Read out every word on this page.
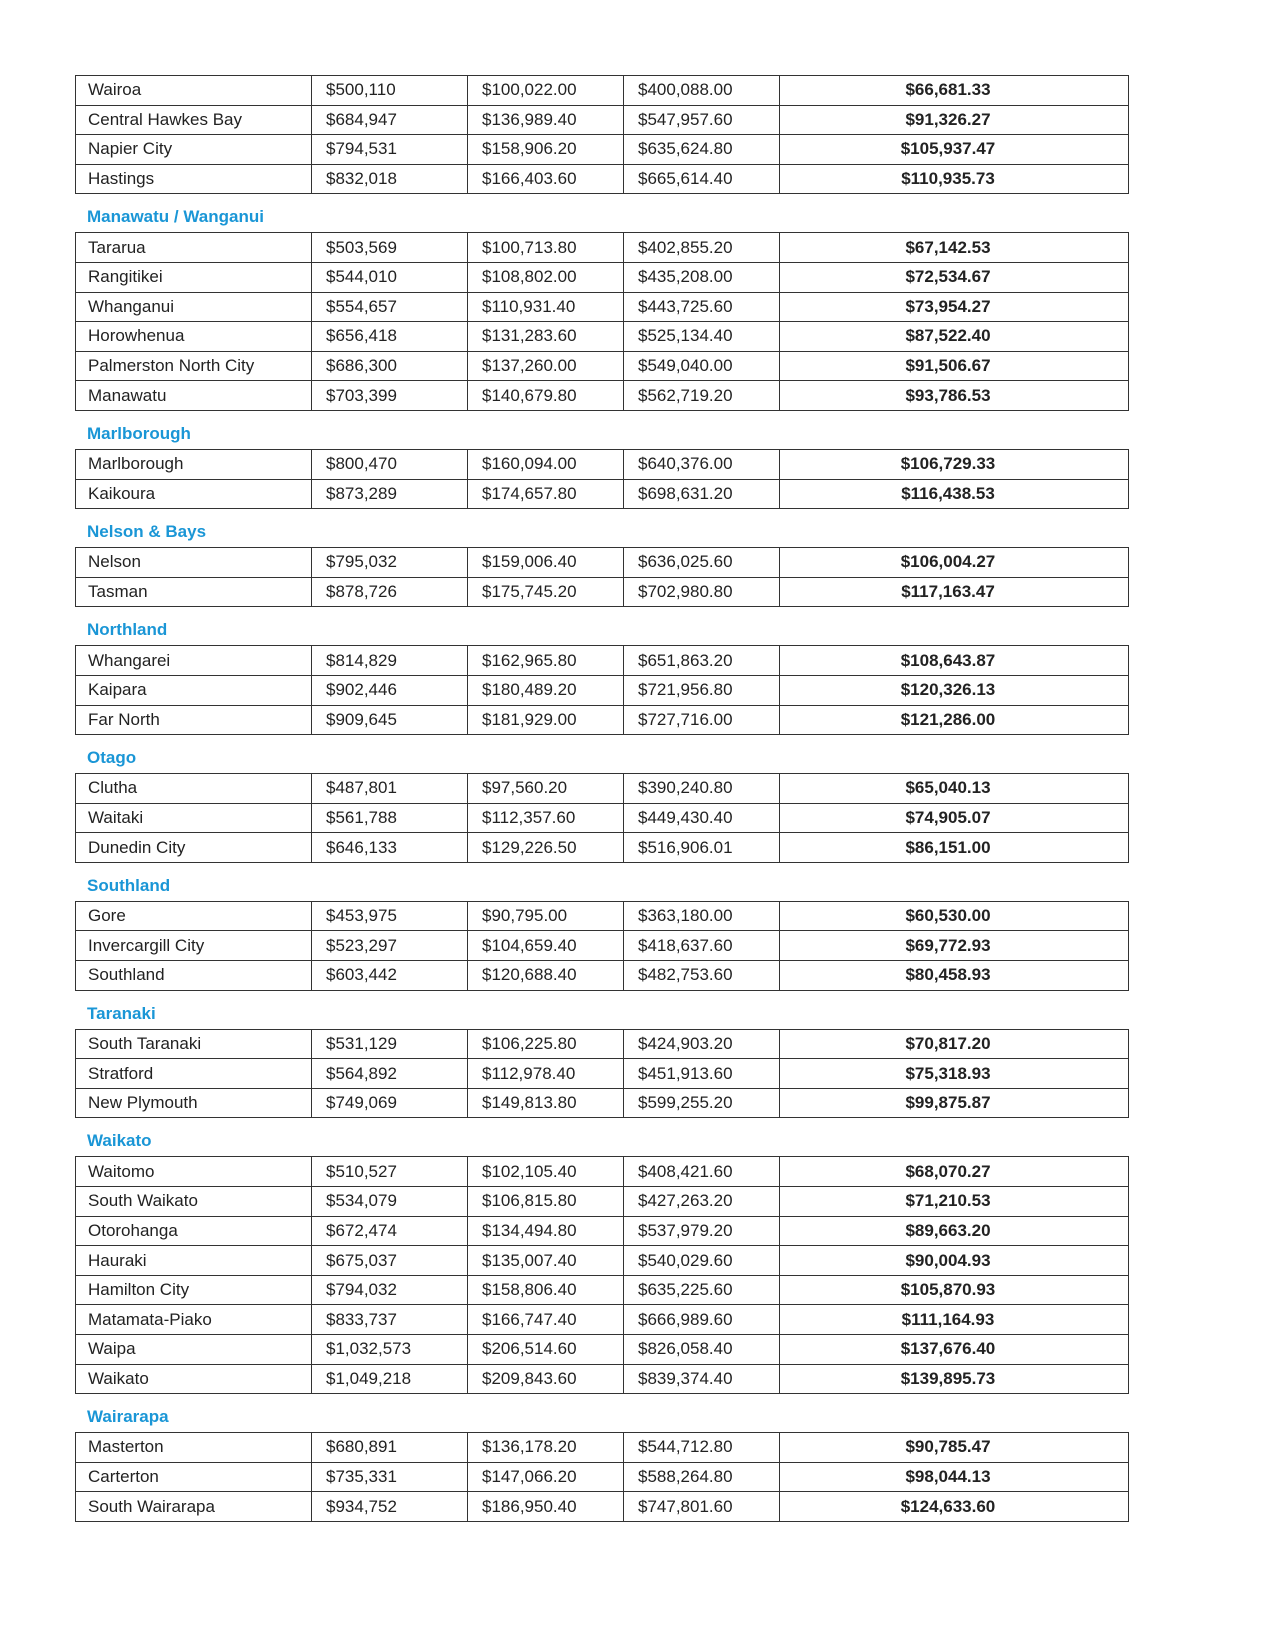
Wairoa	$500,110	$100,022.00	$400,088.00	$66,681.33
Central Hawkes Bay	$684,947	$136,989.40	$547,957.60	$91,326.27
Napier City	$794,531	$158,906.20	$635,624.80	$105,937.47
Hastings	$832,018	$166,403.60	$665,614.40	$110,935.73
Manawatu / Wanganui
Tararua	$503,569	$100,713.80	$402,855.20	$67,142.53
Rangitikei	$544,010	$108,802.00	$435,208.00	$72,534.67
Whanganui	$554,657	$110,931.40	$443,725.60	$73,954.27
Horowhenua	$656,418	$131,283.60	$525,134.40	$87,522.40
Palmerston North City	$686,300	$137,260.00	$549,040.00	$91,506.67
Manawatu	$703,399	$140,679.80	$562,719.20	$93,786.53
Marlborough
Marlborough	$800,470	$160,094.00	$640,376.00	$106,729.33
Kaikoura	$873,289	$174,657.80	$698,631.20	$116,438.53
Nelson & Bays
Nelson	$795,032	$159,006.40	$636,025.60	$106,004.27
Tasman	$878,726	$175,745.20	$702,980.80	$117,163.47
Northland
Whangarei	$814,829	$162,965.80	$651,863.20	$108,643.87
Kaipara	$902,446	$180,489.20	$721,956.80	$120,326.13
Far North	$909,645	$181,929.00	$727,716.00	$121,286.00
Otago
Clutha	$487,801	$97,560.20	$390,240.80	$65,040.13
Waitaki	$561,788	$112,357.60	$449,430.40	$74,905.07
Dunedin City	$646,133	$129,226.50	$516,906.01	$86,151.00
Southland
Gore	$453,975	$90,795.00	$363,180.00	$60,530.00
Invercargill City	$523,297	$104,659.40	$418,637.60	$69,772.93
Southland	$603,442	$120,688.40	$482,753.60	$80,458.93
Taranaki
South Taranaki	$531,129	$106,225.80	$424,903.20	$70,817.20
Stratford	$564,892	$112,978.40	$451,913.60	$75,318.93
New Plymouth	$749,069	$149,813.80	$599,255.20	$99,875.87
Waikato
Waitomo	$510,527	$102,105.40	$408,421.60	$68,070.27
South Waikato	$534,079	$106,815.80	$427,263.20	$71,210.53
Otorohanga	$672,474	$134,494.80	$537,979.20	$89,663.20
Hauraki	$675,037	$135,007.40	$540,029.60	$90,004.93
Hamilton City	$794,032	$158,806.40	$635,225.60	$105,870.93
Matamata-Piako	$833,737	$166,747.40	$666,989.60	$111,164.93
Waipa	$1,032,573	$206,514.60	$826,058.40	$137,676.40
Waikato	$1,049,218	$209,843.60	$839,374.40	$139,895.73
Wairarapa
Masterton	$680,891	$136,178.20	$544,712.80	$90,785.47
Carterton	$735,331	$147,066.20	$588,264.80	$98,044.13
South Wairarapa	$934,752	$186,950.40	$747,801.60	$124,633.60
